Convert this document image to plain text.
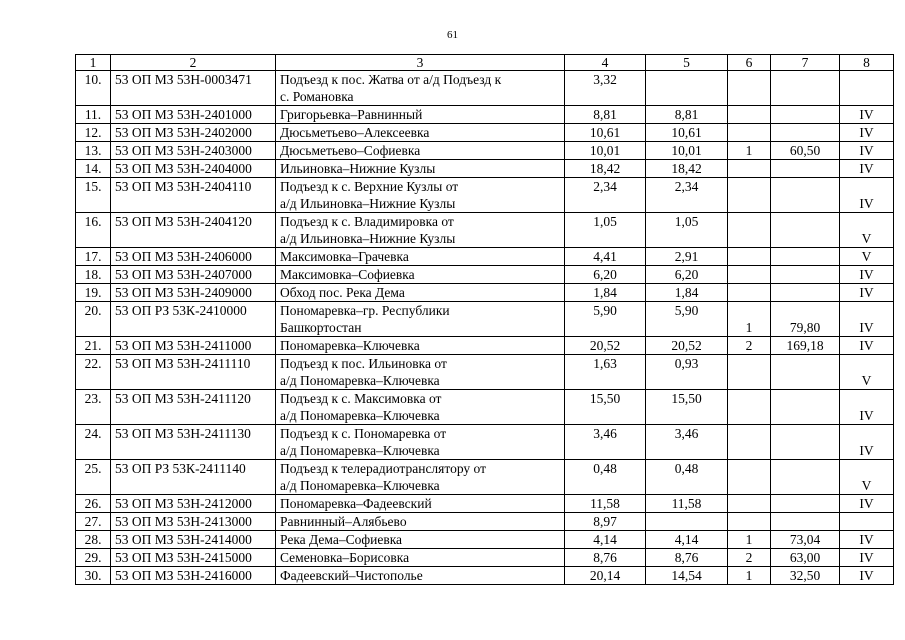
61
1	2	3	4	5	6	7	8
10.	53 ОП МЗ 53Н-0003471	Подъезд к пос. Жатва от а/д Подъезд к
с. Романовка	3,32				
11.	53 ОП МЗ 53Н-2401000	Григорьевка–Равнинный	8,81	8,81			IV
12.	53 ОП МЗ 53Н-2402000	Дюсьметьево–Алексеевка	10,61	10,61			IV
13.	53 ОП МЗ 53Н-2403000	Дюсьметьево–Софиевка	10,01	10,01	1	60,50	IV
14.	53 ОП МЗ 53Н-2404000	Ильиновка–Нижние Кузлы	18,42	18,42			IV
15.	53 ОП МЗ 53Н-2404110	Подъезд к с. Верхние Кузлы от
а/д Ильиновка–Нижние Кузлы	2,34	2,34			IV
16.	53 ОП МЗ 53Н-2404120	Подъезд к с. Владимировка от
а/д Ильиновка–Нижние Кузлы	1,05	1,05			V
17.	53 ОП МЗ 53Н-2406000	Максимовка–Грачевка	4,41	2,91			V
18.	53 ОП МЗ 53Н-2407000	Максимовка–Софиевка	6,20	6,20			IV
19.	53 ОП МЗ 53Н-2409000	Обход пос. Река Дема	1,84	1,84			IV
20.	53 ОП РЗ 53К-2410000	Пономаревка–гр. Республики
Башкортостан	5,90	5,90	1	79,80	IV
21.	53 ОП МЗ 53Н-2411000	Пономаревка–Ключевка	20,52	20,52	2	169,18	IV
22.	53 ОП МЗ 53Н-2411110	Подъезд к пос. Ильиновка от
а/д Пономаревка–Ключевка	1,63	0,93			V
23.	53 ОП МЗ 53Н-2411120	Подъезд к с. Максимовка от
а/д Пономаревка–Ключевка	15,50	15,50			IV
24.	53 ОП МЗ 53Н-2411130	Подъезд к с. Пономаревка от
а/д Пономаревка–Ключевка	3,46	3,46			IV
25.	53 ОП РЗ 53К-2411140	Подъезд к телерадиотранслятору от
а/д Пономаревка–Ключевка	0,48	0,48			V
26.	53 ОП МЗ 53Н-2412000	Пономаревка–Фадеевский	11,58	11,58			IV
27.	53 ОП МЗ 53Н-2413000	Равнинный–Алябьево	8,97				
28.	53 ОП МЗ 53Н-2414000	Река Дема–Софиевка	4,14	4,14	1	73,04	IV
29.	53 ОП МЗ 53Н-2415000	Семеновка–Борисовка	8,76	8,76	2	63,00	IV
30.	53 ОП МЗ 53Н-2416000	Фадеевский–Чистополье	20,14	14,54	1	32,50	IV
